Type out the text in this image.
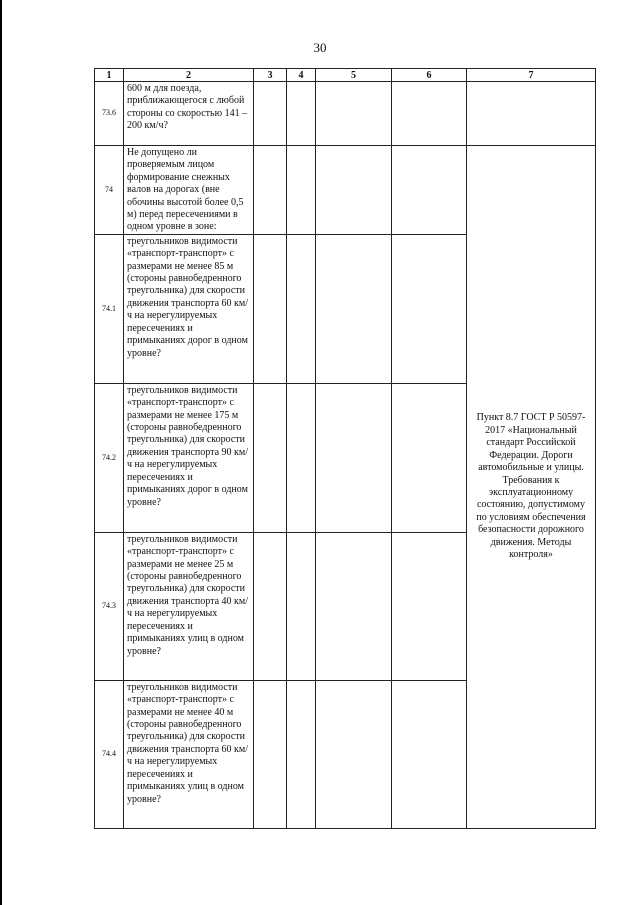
30
1	2	3	4	5	6	7
73.6	600 м для поезда, приближающегося с любой стороны со скоростью 141 – 200 км/ч?					
74	Не допущено ли проверяемым лицом формирование снежных валов на дорогах (вне обочины высотой более 0,5 м) перед пересечениями в одном уровне в зоне:					Пункт 8.7 ГОСТ Р 50597-2017 «Национальный стандарт Российской Федерации. Дороги автомобильные и улицы. Требования к эксплуатационному состоянию, допустимому по условиям обеспечения безопасности дорожного движения. Методы контроля»
74.1	треугольников видимости «транспорт-транспорт» с размерами не менее 85 м (стороны равнобедренного треугольника) для скорости движения транспорта 60 км/ч на нерегулируемых пересечениях и примыканиях дорог в одном уровне?					
74.2	треугольников видимости «транспорт-транспорт» с размерами не менее 175 м (стороны равнобедренного треугольника) для скорости движения транспорта 90 км/ч на нерегулируемых пересечениях и примыканиях дорог в одном уровне?					
74.3	треугольников видимости «транспорт-транспорт» с размерами не менее 25 м (стороны равнобедренного треугольника) для скорости движения транспорта 40 км/ч на нерегулируемых пересечениях и примыканиях улиц в одном уровне?					
74.4	треугольников видимости «транспорт-транспорт» с размерами не менее 40 м (стороны равнобедренного треугольника) для скорости движения транспорта 60 км/ч на нерегулируемых пересечениях и примыканиях улиц в одном уровне?					
